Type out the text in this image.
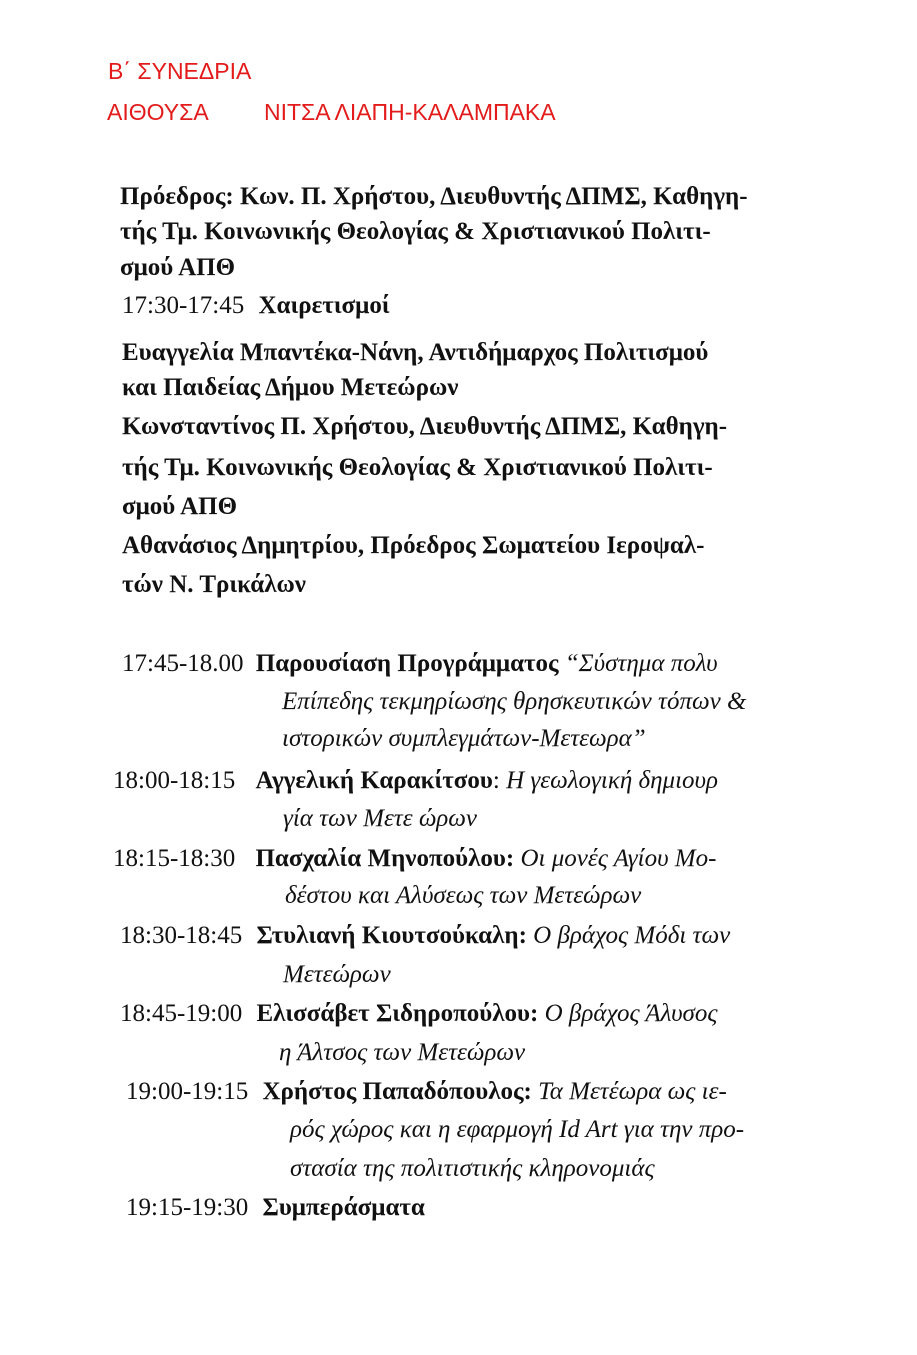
Β΄ ΣΥΝΕΔΡΙΑ
ΑΙΘΟΥΣΑ ΝΙΤΣΑ ΛΙΑΠΗ-ΚΑΛΑΜΠΑΚΑ
Πρόεδρος: Κων. Π. Χρήστου, Διευθυντής ΔΠΜΣ, Καθηγη-
τής Τμ. Κοινωνικής Θεολογίας & Χριστιανικού Πολιτι-
σμού ΑΠΘ
17:30-17:45 Χαιρετισμοί
Ευαγγελία Μπαντέκα-Νάνη, Αντιδήμαρχος Πολιτισμού
και Παιδείας Δήμου Μετεώρων
Κωνσταντίνος Π. Χρήστου, Διευθυντής ΔΠΜΣ, Καθηγη-
τής Τμ. Κοινωνικής Θεολογίας & Χριστιανικού Πολιτι-
σμού ΑΠΘ
Αθανάσιος Δημητρίου, Πρόεδρος Σωματείου Ιεροψαλ-
τών Ν. Τρικάλων
17:45-18.00 Παρουσίαση Προγράμματος “Σύστημα πολυ
Επίπεδης τεκμηρίωσης θρησκευτικών τόπων &
ιστορικών συμπλεγμάτων-Μετεωρα”
18:00-18:15 Αγγελική Καρακίτσου: Η γεωλογική δημιουρ
γία των Μετε ώρων
18:15-18:30 Πασχαλία Μηνοπούλου: Οι μονές Αγίου Μο-
δέστου και Αλύσεως των Μετεώρων
18:30-18:45 Στυλιανή Κιουτσούκαλη: Ο βράχος Μόδι των
Μετεώρων
18:45-19:00 Ελισσάβετ Σιδηροπούλου: Ο βράχος Άλυσος
η Άλτσος των Μετεώρων
19:00-19:15 Χρήστος Παπαδόπουλος: Τα Μετέωρα ως ιε-
ρός χώρος και η εφαρμογή Id Art για την προ-
στασία της πολιτιστικής κληρονομιάς
19:15-19:30 Συμπεράσματα
